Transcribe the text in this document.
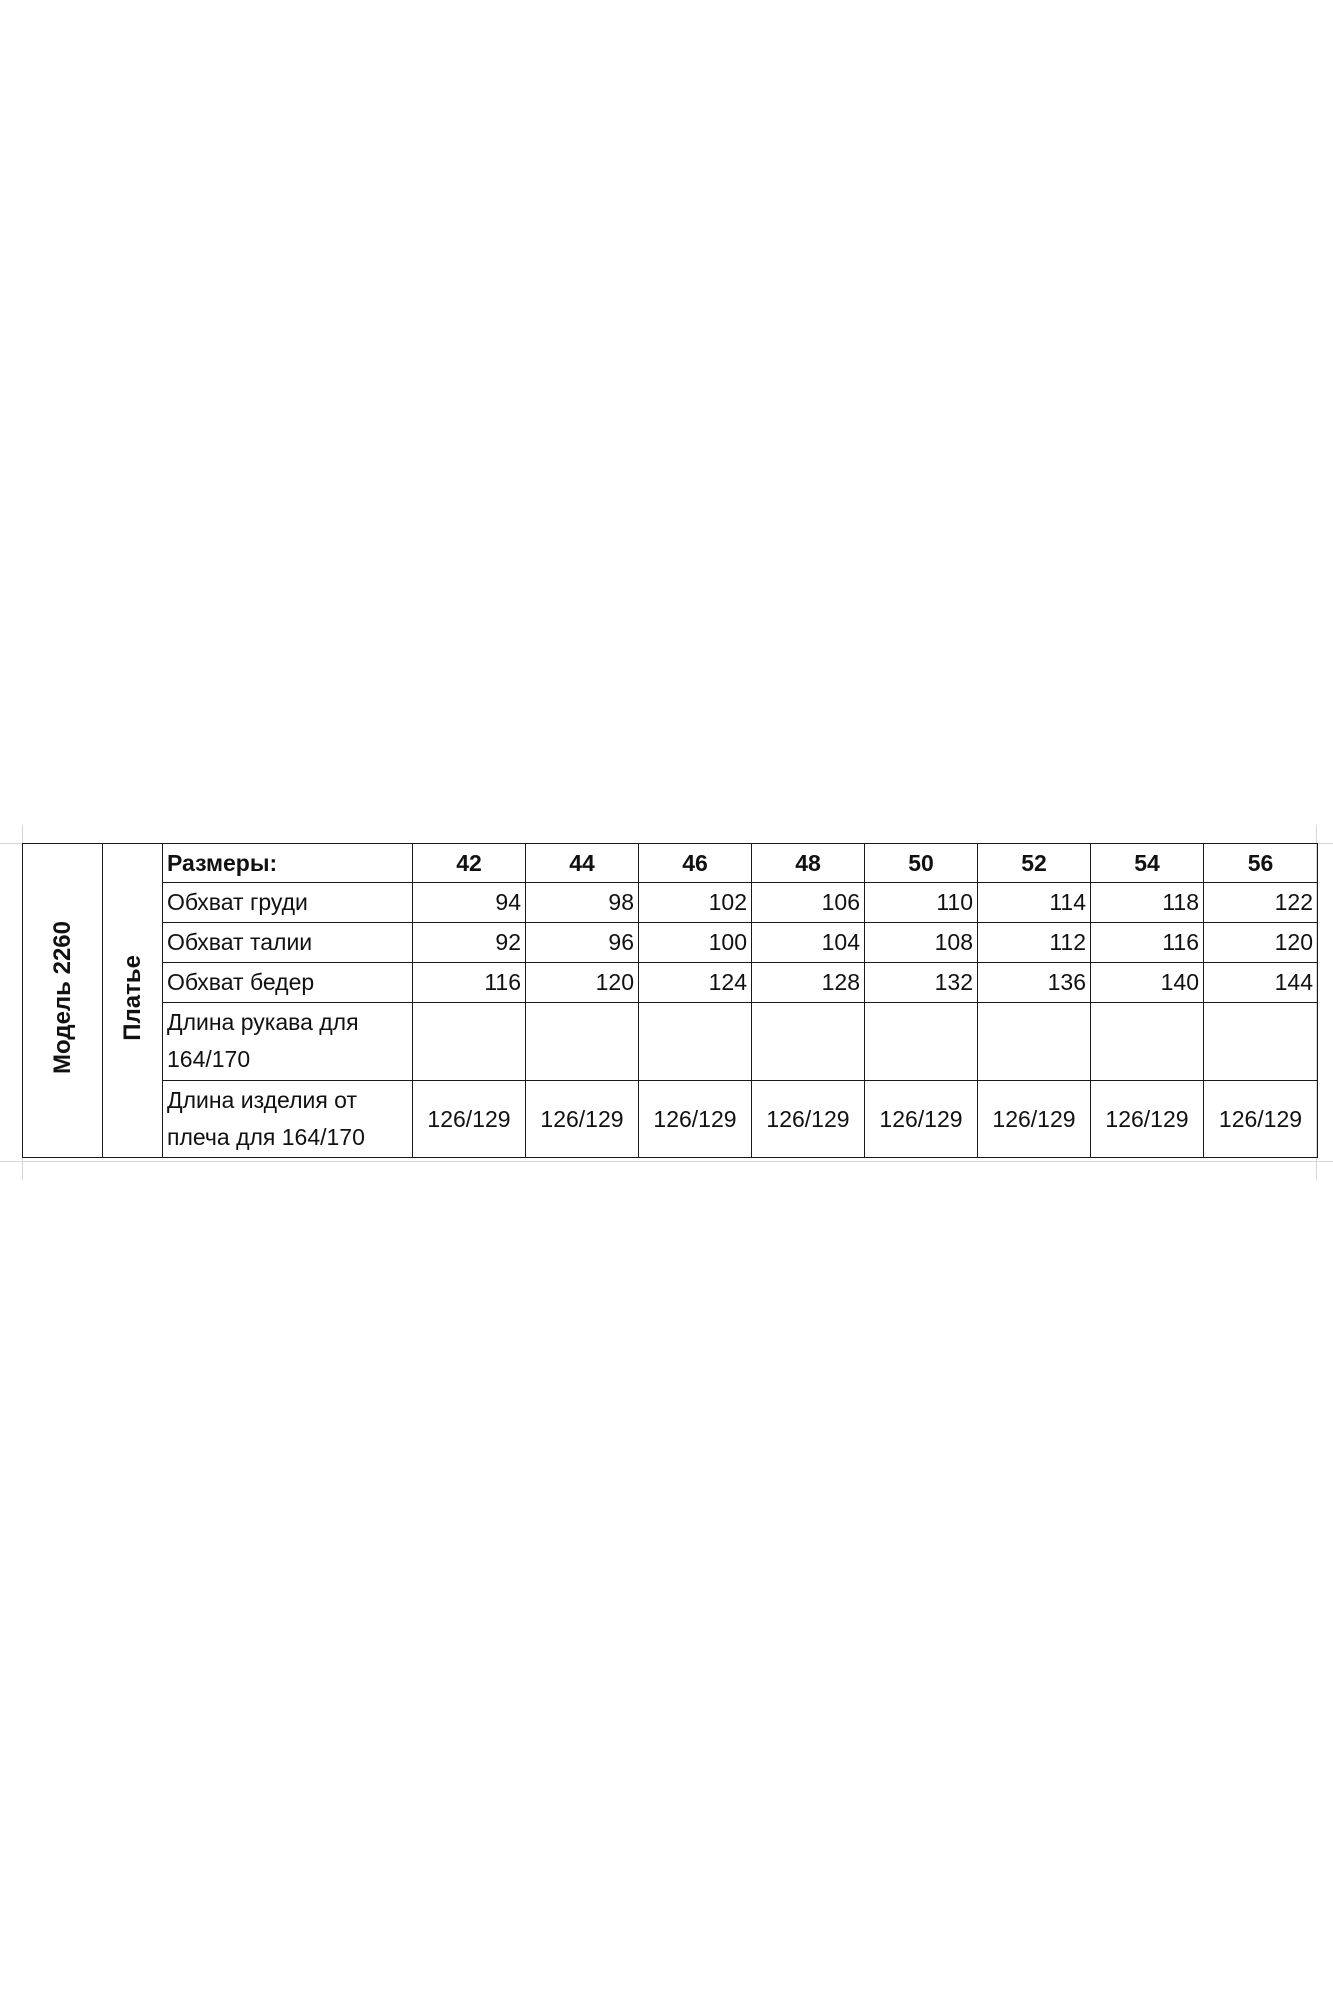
Модель 2260	Платье	Размеры:	42	44	46	48	50	52	54	56
		Обхват груди	94	98	102	106	110	114	118	122
		Обхват талии	92	96	100	104	108	112	116	120
		Обхват бедер	116	120	124	128	132	136	140	144
		Длина рукава для 164/170								
		Длина изделия от плеча для 164/170	126/129	126/129	126/129	126/129	126/129	126/129	126/129	126/129
